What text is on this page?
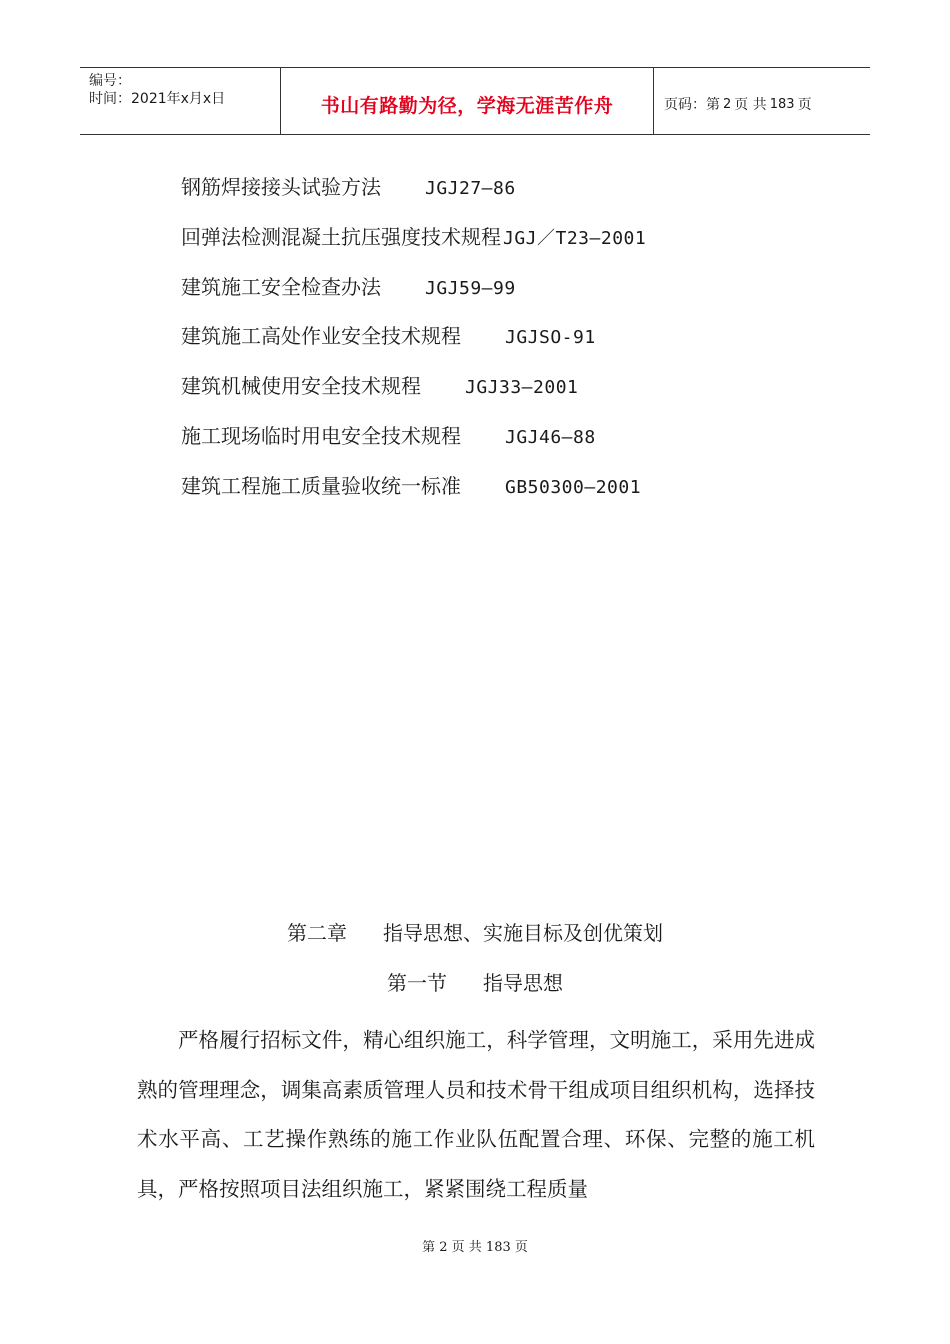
编号：
时间：2021年x月x日	书山有路勤为径，学海无涯苦作舟	页码：第 2 页 共 183 页
钢筋焊接接头试验方法 JGJ27—86
回弹法检测混凝土抗压强度技术规程 JGJ／T23—2001
建筑施工安全检查办法 JGJ59—99
建筑施工高处作业安全技术规程 JGJSO-91
建筑机械使用安全技术规程 JGJ33—2001
施工现场临时用电安全技术规程 JGJ46—88
建筑工程施工质量验收统一标准 GB50300—2001
第二章 指导思想、实施目标及创优策划
第一节 指导思想

严格履行招标文件，精心组织施工，科学管理，文明施工，采用先进成熟的管理理念，调集高素质管理人员和技术骨干组成项目组织机构，选择技术水平高、工艺操作熟练的施工作业队伍配置合理、环保、完整的施工机具，严格按照项目法组织施工，紧紧围绕工程质量

第 2 页 共 183 页
